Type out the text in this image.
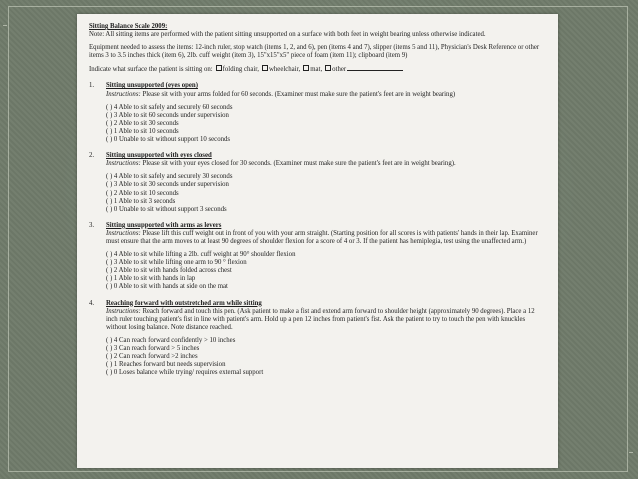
Sitting Balance Scale 2009:

Note: All sitting items are performed with the patient sitting unsupported on a surface with both feet in weight bearing unless otherwise indicated.

Equipment needed to assess the items: 12-inch ruler, stop watch (items 1, 2, and 6), pen (items 4 and 7), slipper (items 5 and 11), Physician's Desk Reference or other items 3 to 3.5 inches thick (item 6), 2lb. cuff weight (item 3), 15"x15"x5" piece of foam (item 11); clipboard (item 9)

Indicate what surface the patient is sitting on: folding chair, wheelchair, mat, other
1.	Sitting unsupported (eyes open)
Instructions: Please sit with your arms folded for 60 seconds. (Examiner must make sure the patient's feet are in weight bearing)
( ) 4 Able to sit safely and securely 60 seconds
( ) 3 Able to sit 60 seconds under supervision
( ) 2 Able to sit 30 seconds
( ) 1 Able to sit 10 seconds
( ) 0 Unable to sit without support 10 seconds
2.	Sitting unsupported with eyes closed
Instructions: Please sit with your eyes closed for 30 seconds. (Examiner must make sure the patient's feet are in weight bearing).
( ) 4 Able to sit safely and securely 30 seconds
( ) 3 Able to sit 30 seconds under supervision
( ) 2 Able to sit 10 seconds
( ) 1 Able to sit 3 seconds
( ) 0 Unable to sit without support 3 seconds
3.	Sitting unsupported with arms as levers
Instructions: Please lift this cuff weight out in front of you with your arm straight. (Starting position for all scores is with patients' hands in their lap. Examiner must ensure that the arm moves to at least 90 degrees of shoulder flexion for a score of 4 or 3. If the patient has hemiplegia, test using the unaffected arm.)
( ) 4 Able to sit while lifting a 2lb. cuff weight at 90° shoulder flexion
( ) 3 Able to sit while lifting one arm to 90 ° flexion
( ) 2 Able to sit with hands folded across chest
( ) 1 Able to sit with hands in lap
( ) 0 Able to sit with hands at side on the mat
4.	Reaching forward with outstretched arm while sitting
Instructions: Reach forward and touch this pen. (Ask patient to make a fist and extend arm forward to shoulder height (approximately 90 degrees). Place a 12 inch ruler touching patient's fist in line with patient's arm. Hold up a pen 12 inches from patient's fist. Ask the patient to try to touch the pen with knuckles without losing balance. Note distance reached.
( ) 4 Can reach forward confidently > 10 inches
( ) 3 Can reach forward > 5 inches
( ) 2 Can reach forward >2 inches
( ) 1 Reaches forward but needs supervision
( ) 0 Loses balance while trying/ requires external support
